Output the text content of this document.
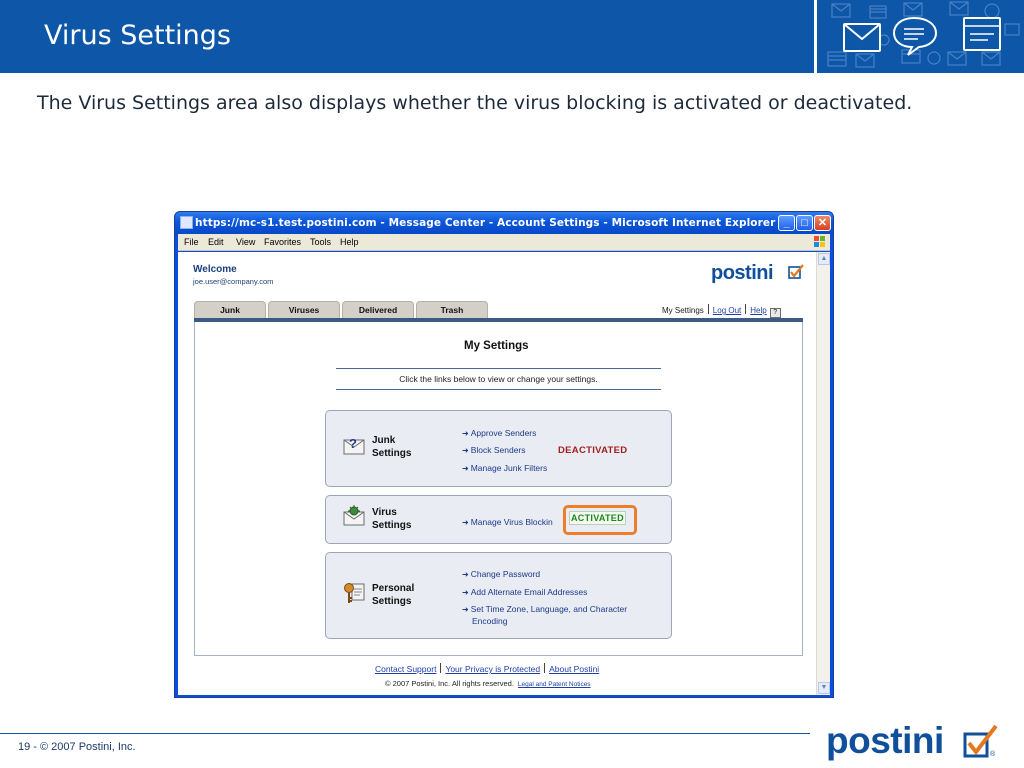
Virus Settings
The Virus Settings area also displays whether the virus blocking is activated or deactivated.
https://mc-s1.test.postini.com - Message Center - Account Settings - Microsoft Internet Explorer _	□ ✕
File Edit View Favorites Tools Help
Welcome
joe.user@company.com	postini
Junk	Viruses	Delivered	Trash	My Settings Log Out Help ?
My Settings
Click the links below to view or change your settings.
? Junk
Settings
➜ Approve Senders
➜ Block Senders	DEACTIVATED
➜ Manage Junk Filters
Virus
Settings	➜ Manage Virus Blockin ACTIVATED
Personal
Settings
➜ Change Password
➜ Add Alternate Email Addresses
➜ Set Time Zone, Language, and Character
Encoding
Contact Support Your Privacy is Protected About Postini
© 2007 Postini, Inc. All rights reserved. Legal and Patent Notices
▲
▼
19 - © 2007 Postini, Inc.	postini	®
